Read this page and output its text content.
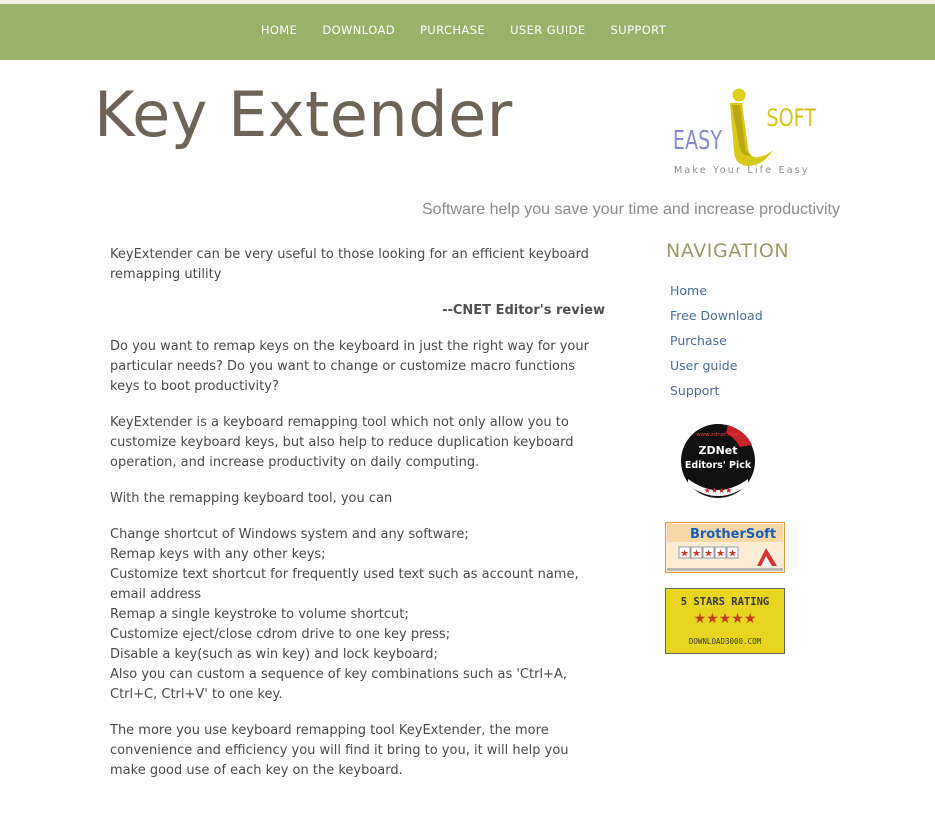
HOME	DOWNLOAD	PURCHASE	USER GUIDE	SUPPORT
Key Extender	EASY
SOFT
Make Your Life Easy
Software help you save your time and increase productivity

KeyExtender can be very useful to those looking for an efficient keyboard remapping utility

--CNET Editor's review

Do you want to remap keys on the keyboard in just the right way for your particular needs? Do you want to change or customize macro functions keys to boot productivity?

KeyExtender is a keyboard remapping tool which not only allow you to customize keyboard keys, but also help to reduce duplication keyboard operation, and increase productivity on daily computing.

With the remapping keyboard tool, you can

Change shortcut of Windows system and any software;

Remap keys with any other keys;

Customize text shortcut for frequently used text such as account name, email address

Remap a single keystroke to volume shortcut;

Customize eject/close cdrom drive to one key press;

Disable a key(such as win key) and lock keyboard;

Also you can custom a sequence of key combinations such as 'Ctrl+A, Ctrl+C, Ctrl+V' to one key.

The more you use keyboard remapping tool KeyExtender, the more convenience and efficiency you will find it bring to you, it will help you make good use of each key on the keyboard.

NAVIGATION
Home
Free Download
Purchase
User guide
Support
www.zdnet.com
ZDNet
Editors' Pick
★★★★
BrotherSoft
★ ★ ★ ★ ★
5 STARS RATING
★★★★★
DOWNLOAD3000.COM
